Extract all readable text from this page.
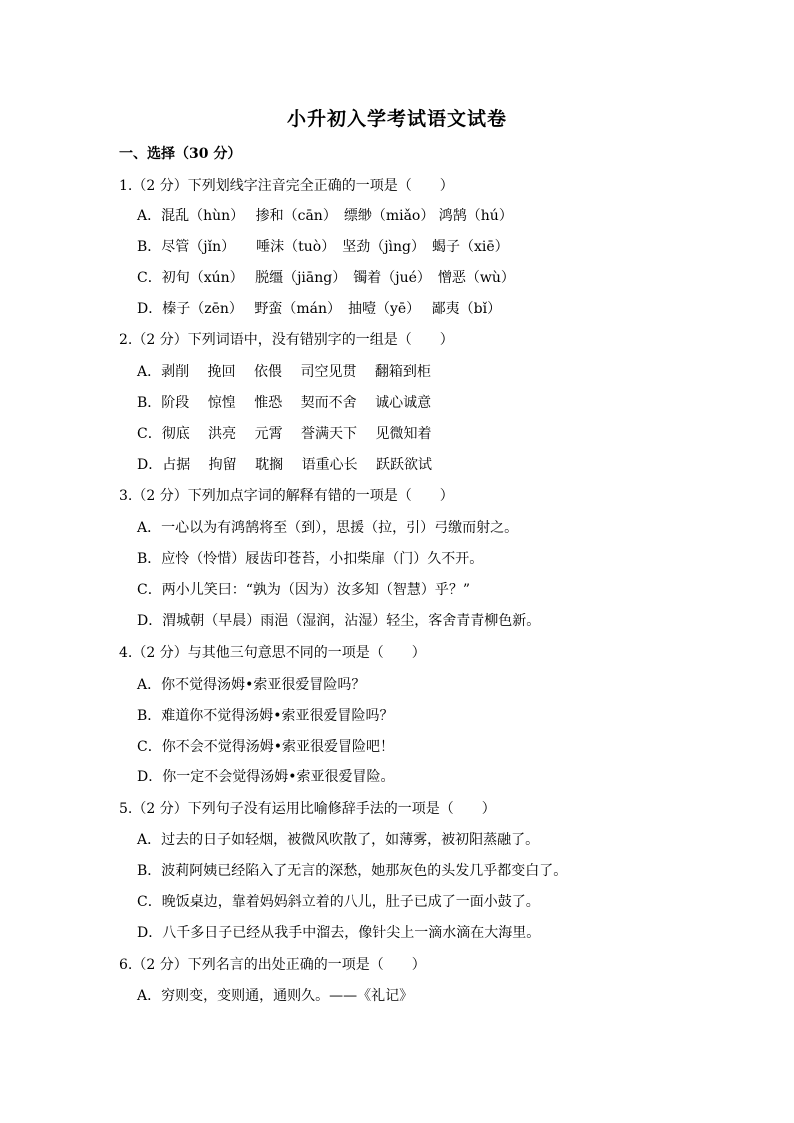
小升初入学考试语文试卷
一、选择（30 分）
1.（2 分）下列划线字注音完全正确的一项是（　　）
A．混乱（hùn）　 掺和（cān）　缥缈（miǎo） 鸿鹄（hú）
B．尽管（jǐn）　　唾沫（tuò）　坚劲（jìng）　蝎子（xiē）
C．初旬（xún）　 脱缰（jiāng）　镯着（jué）　憎恶（wù）
D．榛子（zēn）　 野蛮（mán）　抽噎（yē）　 鄙夷（bǐ）
2.（2 分）下列词语中，没有错别字的一组是（　　）
A．剥削　 挽回　 依偎　 司空见贯　 翻箱到柜
B．阶段　 惊惶　 惟恐　 契而不舍　 诚心诚意
C．彻底　 洪亮　 元霄　 誉满天下　 见微知着
D．占据　 拘留　 耽搁　 语重心长　 跃跃欲试
3.（2 分）下列加点字词的解释有错的一项是（　　）
A．一心以为有鸿鹄将至（到），思援（拉，引）弓缴而射之。
B．应怜（怜惜）屐齿印苍苔，小扣柴扉（门）久不开。
C．两小儿笑曰：“孰为（因为）汝多知（智慧）乎？”
D．渭城朝（早晨）雨浥（湿润，沾湿）轻尘，客舍青青柳色新。
4.（2 分）与其他三句意思不同的一项是（　　）
A．你不觉得汤姆•索亚很爱冒险吗？
B．难道你不觉得汤姆•索亚很爱冒险吗？
C．你不会不觉得汤姆•索亚很爱冒险吧！
D．你一定不会觉得汤姆•索亚很爱冒险。
5.（2 分）下列句子没有运用比喻修辞手法的一项是（　　）
A．过去的日子如轻烟，被微风吹散了，如薄雾，被初阳蒸融了。
B．波莉阿姨已经陷入了无言的深愁，她那灰色的头发几乎都变白了。
C．晚饭桌边，靠着妈妈斜立着的八儿，肚子已成了一面小鼓了。
D．八千多日子已经从我手中溜去，像针尖上一滴水滴在大海里。
6.（2 分）下列名言的出处正确的一项是（　　）
A．穷则变，变则通，通则久。——《礼记》
